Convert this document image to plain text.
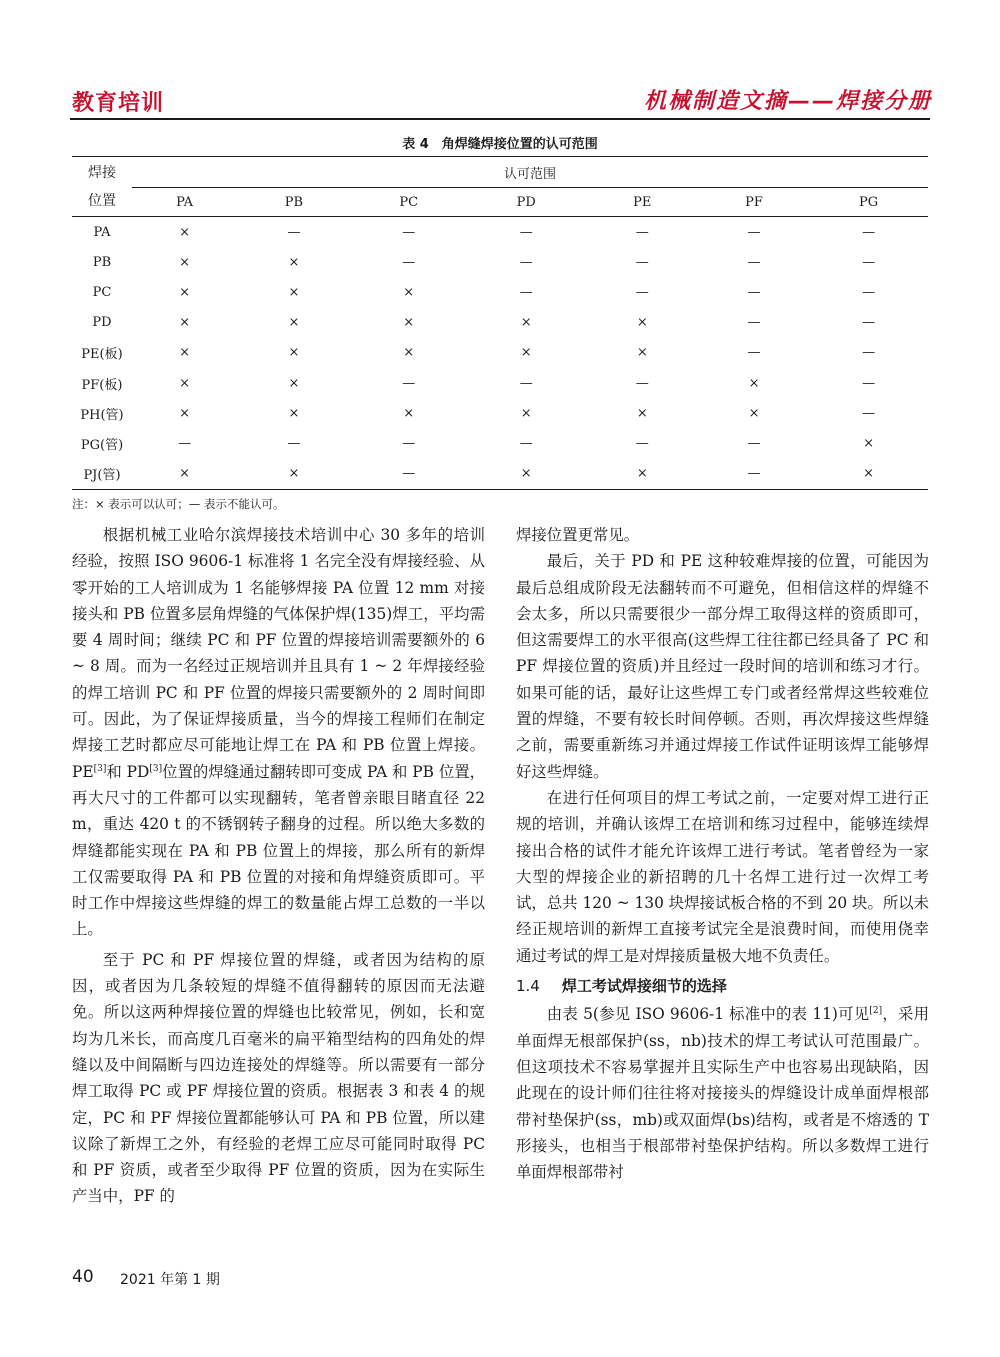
教育培训	机械制造文摘——焊接分册
表 4　角焊缝焊接位置的认可范围
焊接
位置	认可范围						
	PA	PB	PC	PD	PE	PF	PG
PA	×	—	—	—	—	—	—
PB	×	×	—	—	—	—	—
PC	×	×	×	—	—	—	—
PD	×	×	×	×	×	—	—
PE(板)	×	×	×	×	×	—	—
PF(板)	×	×	—	—	—	×	—
PH(管)	×	×	×	×	×	×	—
PG(管)	—	—	—	—	—	—	×
PJ(管)	×	×	—	×	×	—	×
注：× 表示可以认可；— 表示不能认可。

根据机械工业哈尔滨焊接技术培训中心 30 多年的培训经验，按照 ISO 9606-1 标准将 1 名完全没有焊接经验、从零开始的工人培训成为 1 名能够焊接 PA 位置 12 mm 对接接头和 PB 位置多层角焊缝的气体保护焊(135)焊工，平均需要 4 周时间；继续 PC 和 PF 位置的焊接培训需要额外的 6 ~ 8 周。而为一名经过正规培训并且具有 1 ~ 2 年焊接经验的焊工培训 PC 和 PF 位置的焊接只需要额外的 2 周时间即可。因此，为了保证焊接质量，当今的焊接工程师们在制定焊接工艺时都应尽可能地让焊工在 PA 和 PB 位置上焊接。PE[3]和 PD[3]位置的焊缝通过翻转即可变成 PA 和 PB 位置，再大尺寸的工件都可以实现翻转，笔者曾亲眼目睹直径 22 m，重达 420 t 的不锈钢转子翻身的过程。所以绝大多数的焊缝都能实现在 PA 和 PB 位置上的焊接，那么所有的新焊工仅需要取得 PA 和 PB 位置的对接和角焊缝资质即可。平时工作中焊接这些焊缝的焊工的数量能占焊工总数的一半以上。

至于 PC 和 PF 焊接位置的焊缝，或者因为结构的原因，或者因为几条较短的焊缝不值得翻转的原因而无法避免。所以这两种焊接位置的焊缝也比较常见，例如，长和宽均为几米长，而高度几百毫米的扁平箱型结构的四角处的焊缝以及中间隔断与四边连接处的焊缝等。所以需要有一部分焊工取得 PC 或 PF 焊接位置的资质。根据表 3 和表 4 的规定，PC 和 PF 焊接位置都能够认可 PA 和 PB 位置，所以建议除了新焊工之外，有经验的老焊工应尽可能同时取得 PC 和 PF 资质，或者至少取得 PF 位置的资质，因为在实际生产当中，PF 的

焊接位置更常见。

最后，关于 PD 和 PE 这种较难焊接的位置，可能因为最后总组成阶段无法翻转而不可避免，但相信这样的焊缝不会太多，所以只需要很少一部分焊工取得这样的资质即可，但这需要焊工的水平很高(这些焊工往往都已经具备了 PC 和 PF 焊接位置的资质)并且经过一段时间的培训和练习才行。如果可能的话，最好让这些焊工专门或者经常焊这些较难位置的焊缝，不要有较长时间停顿。否则，再次焊接这些焊缝之前，需要重新练习并通过焊接工作试件证明该焊工能够焊好这些焊缝。

在进行任何项目的焊工考试之前，一定要对焊工进行正规的培训，并确认该焊工在培训和练习过程中，能够连续焊接出合格的试件才能允许该焊工进行考试。笔者曾经为一家大型的焊接企业的新招聘的几十名焊工进行过一次焊工考试，总共 120 ~ 130 块焊接试板合格的不到 20 块。所以未经正规培训的新焊工直接考试完全是浪费时间，而使用侥幸通过考试的焊工是对焊接质量极大地不负责任。

1.4 焊工考试焊接细节的选择

由表 5(参见 ISO 9606-1 标准中的表 11)可见[2]，采用单面焊无根部保护(ss，nb)技术的焊工考试认可范围最广。但这项技术不容易掌握并且实际生产中也容易出现缺陷，因此现在的设计师们往往将对接接头的焊缝设计成单面焊根部带衬垫保护(ss，mb)或双面焊(bs)结构，或者是不熔透的 T 形接头，也相当于根部带衬垫保护结构。所以多数焊工进行单面焊根部带衬

40 2021 年第 1 期
